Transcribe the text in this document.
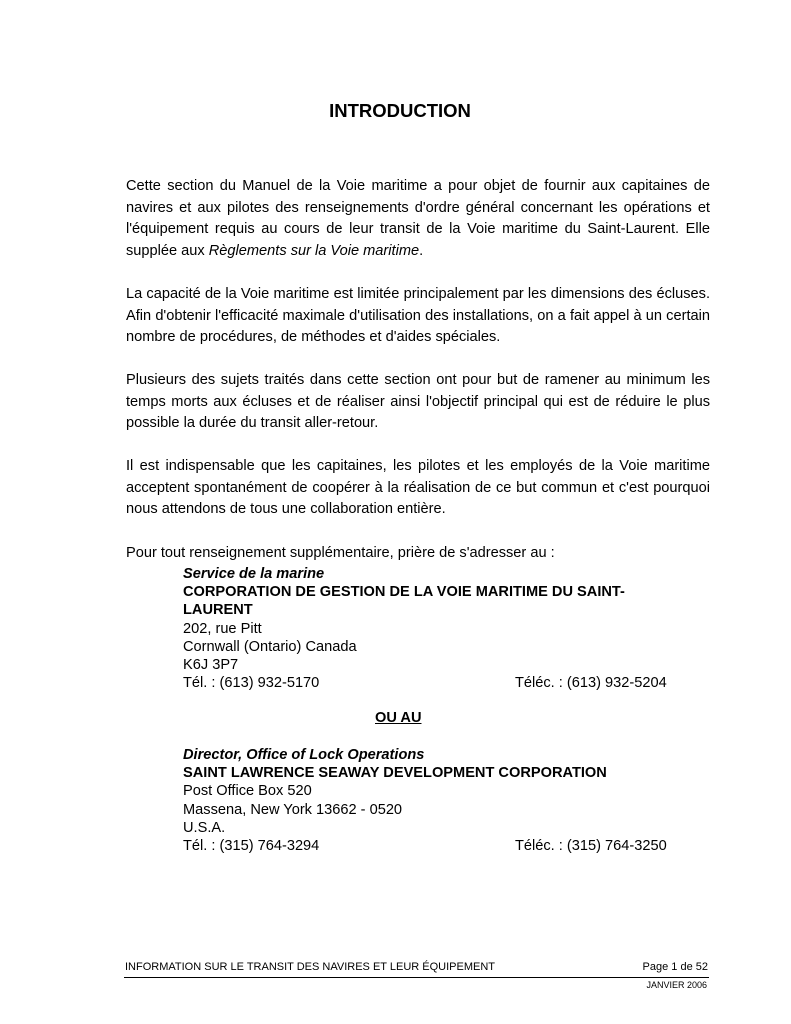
INTRODUCTION

Cette section du Manuel de la Voie maritime a pour objet de fournir aux capitaines de navires et aux pilotes des renseignements d'ordre général concernant les opérations et l'équipement requis au cours de leur transit de la Voie maritime du Saint-Laurent. Elle supplée aux Règlements sur la Voie maritime.

La capacité de la Voie maritime est limitée principalement par les dimensions des écluses. Afin d'obtenir l'efficacité maximale d'utilisation des installations, on a fait appel à un certain nombre de procédures, de méthodes et d'aides spéciales.

Plusieurs des sujets traités dans cette section ont pour but de ramener au minimum les temps morts aux écluses et de réaliser ainsi l'objectif principal qui est de réduire le plus possible la durée du transit aller-retour.

Il est indispensable que les capitaines, les pilotes et les employés de la Voie maritime acceptent spontanément de coopérer à la réalisation de ce but commun et c'est pourquoi nous attendons de tous une collaboration entière.

Pour tout renseignement supplémentaire, prière de s'adresser au :

Service de la marine
CORPORATION DE GESTION DE LA VOIE MARITIME DU SAINT-
LAURENT
202, rue Pitt
Cornwall (Ontario) Canada
K6J 3P7
Tél. : (613) 932-5170	Téléc. : (613) 932-5204
OU AU
Director, Office of Lock Operations
SAINT LAWRENCE SEAWAY DEVELOPMENT CORPORATION
Post Office Box 520
Massena, New York 13662 - 0520
U.S.A.
Tél. : (315) 764-3294	Téléc. : (315) 764-3250
INFORMATION SUR LE TRANSIT DES NAVIRES ET LEUR ÉQUIPEMENT	Page 1 de 52
JANVIER 2006
